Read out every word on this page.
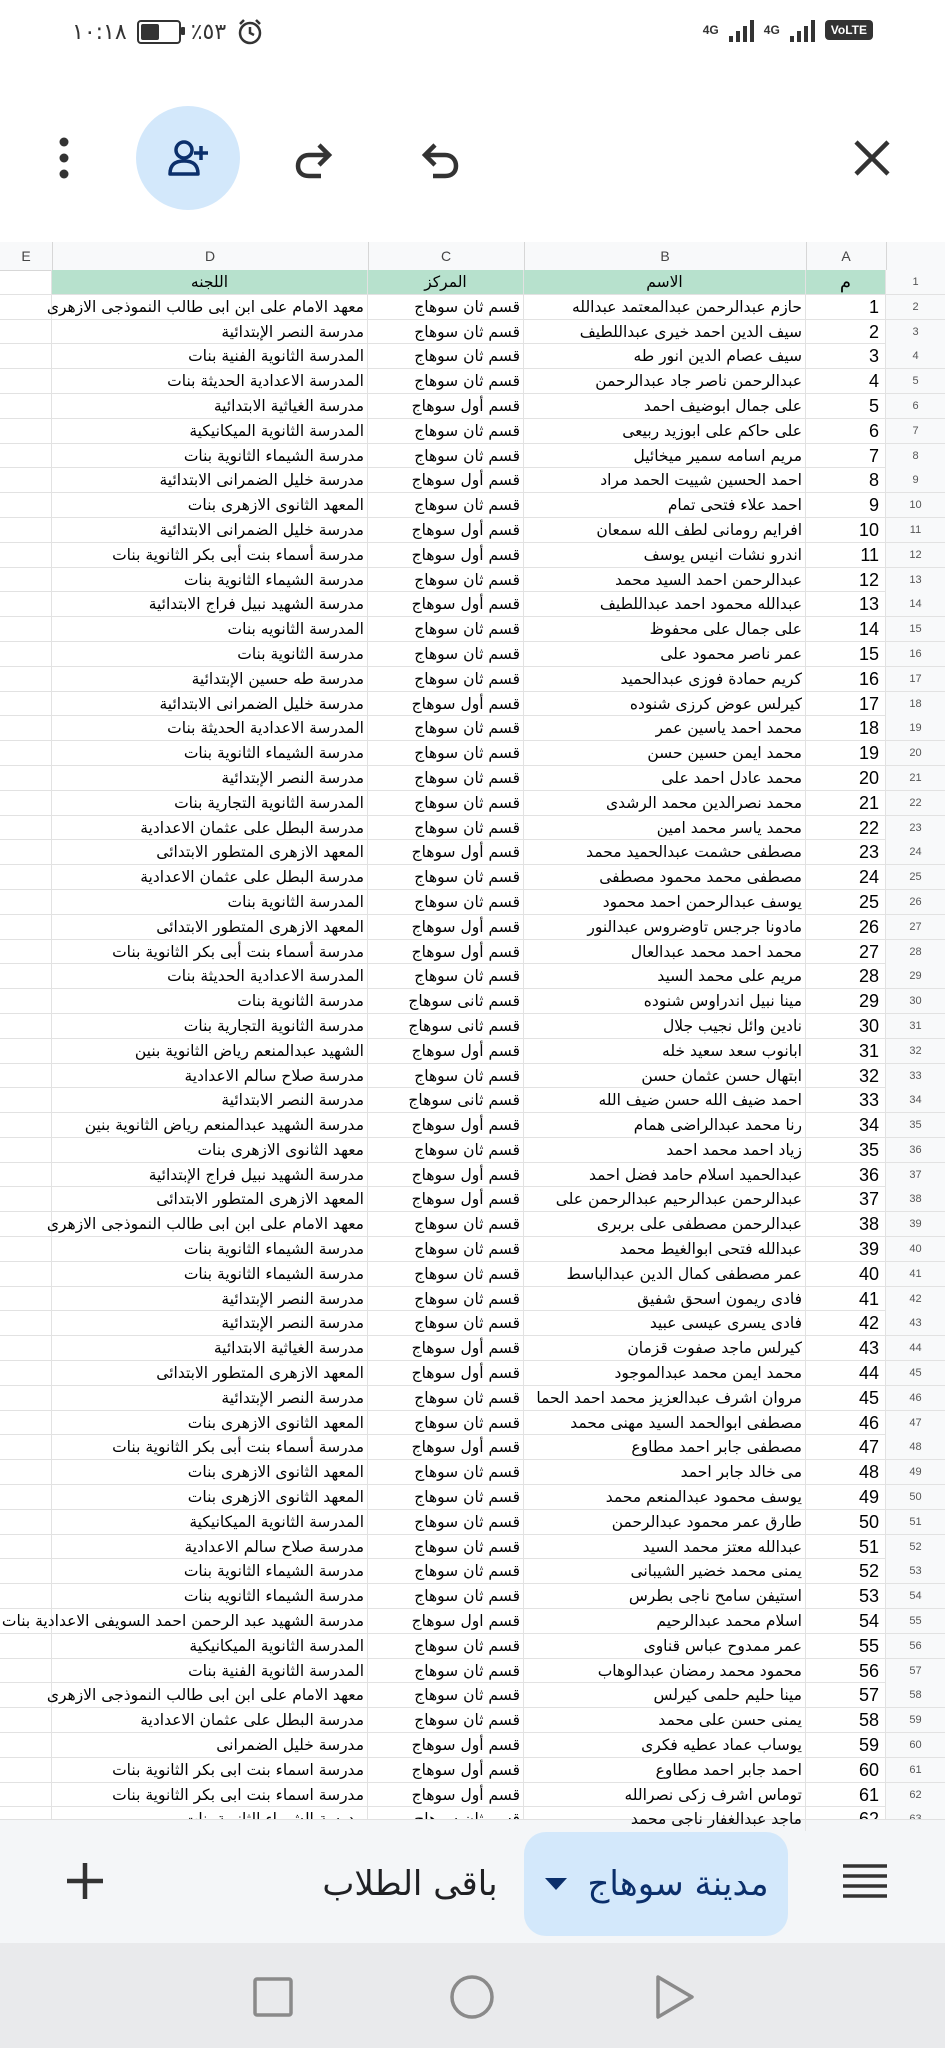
١٠:١٨	٪٥٣	4G	4G	VoLTE
E	D	C	B	A
اللجنه	المركز	الاسم	م	1
معهد الامام على ابن ابى طالب النموذجى الازهرى	قسم ثان سوهاج	حازم عبدالرحمن عبدالمعتمد عبدالله	1	2
مدرسة النصر الإبتدائية	قسم ثان سوهاج	سيف الدين احمد خيرى عبداللطيف	2	3
المدرسة الثانوية الفنية بنات	قسم ثان سوهاج	سيف عصام الدين انور طه	3	4
المدرسة الاعدادية الحديثة بنات	قسم ثان سوهاج	عبدالرحمن ناصر جاد عبدالرحمن	4	5
مدرسة الغياثية الابتدائية	قسم أول سوهاج	على جمال ابوضيف احمد	5	6
المدرسة الثانوية الميكانيكية	قسم ثان سوهاج	على حاكم على ابوزيد ربيعى	6	7
مدرسة الشيماء الثانوية بنات	قسم ثان سوهاج	مريم اسامه سمير ميخائيل	7	8
مدرسة خليل الضمرانى الابتدائية	قسم أول سوهاج	احمد الحسين شييت الحمد مراد	8	9
المعهد الثانوى الازهرى بنات	قسم ثان سوهاج	احمد علاء فتحى تمام	9	10
مدرسة خليل الضمرانى الابتدائية	قسم أول سوهاج	افرايم رومانى لطف الله سمعان	10	11
مدرسة أسماء بنت أبى بكر الثانوية بنات	قسم أول سوهاج	اندرو نشات انيس يوسف	11	12
مدرسة الشيماء الثانوية بنات	قسم ثان سوهاج	عبدالرحمن احمد السيد محمد	12	13
مدرسة الشهيد نبيل فراج الابتدائية	قسم أول سوهاج	عبدالله محمود احمد عبداللطيف	13	14
المدرسة الثانويه بنات	قسم ثان سوهاج	على جمال على محفوظ	14	15
مدرسة الثانوية بنات	قسم ثان سوهاج	عمر ناصر محمود على	15	16
مدرسة طه حسين الإبتدائية	قسم ثان سوهاج	كريم حمادة فوزى عبدالحميد	16	17
مدرسة خليل الضمرانى الابتدائية	قسم أول سوهاج	كيرلس عوض كرزى شنوده	17	18
المدرسة الاعدادية الحديثة بنات	قسم ثان سوهاج	محمد احمد ياسين عمر	18	19
مدرسة الشيماء الثانوية بنات	قسم ثان سوهاج	محمد ايمن حسين حسن	19	20
مدرسة النصر الإبتدائية	قسم ثان سوهاج	محمد عادل احمد على	20	21
المدرسة الثانوية التجارية بنات	قسم ثان سوهاج	محمد نصرالدين محمد الرشدى	21	22
مدرسة البطل على عثمان الاعدادية	قسم ثان سوهاج	محمد ياسر محمد امين	22	23
المعهد الازهرى المتطور الابتدائى	قسم أول سوهاج	مصطفى حشمت عبدالحميد محمد	23	24
مدرسة البطل على عثمان الاعدادية	قسم ثان سوهاج	مصطفى محمد محمود مصطفى	24	25
المدرسة الثانوية بنات	قسم ثان سوهاج	يوسف عبدالرحمن احمد محمود	25	26
المعهد الازهرى المتطور الابتدائى	قسم أول سوهاج	مادونا جرجس تاوضروس عبدالنور	26	27
مدرسة أسماء بنت أبى بكر الثانوية بنات	قسم أول سوهاج	محمد احمد محمد عبدالعال	27	28
المدرسة الاعدادية الحديثة بنات	قسم ثان سوهاج	مريم على محمد السيد	28	29
مدرسة الثانوية بنات	قسم ثانى سوهاج	مينا نبيل اندراوس شنوده	29	30
مدرسة الثانوية التجارية بنات	قسم ثانى سوهاج	نادين وائل نجيب جلال	30	31
الشهيد عبدالمنعم رياض الثانوية بنين	قسم أول سوهاج	ابانوب سعد سعيد خله	31	32
مدرسة صلاح سالم الاعدادية	قسم ثان سوهاج	ابتهال حسن عثمان حسن	32	33
مدرسة النصر الابتدائية	قسم ثانى سوهاج	احمد ضيف الله حسن ضيف الله	33	34
مدرسة الشهيد عبدالمنعم رياض الثانوية بنين	قسم أول سوهاج	رنا محمد عبدالراضى همام	34	35
معهد الثانوى الازهرى بنات	قسم ثان سوهاج	زياد احمد محمد احمد	35	36
مدرسة الشهيد نبيل فراج الإبتدائية	قسم أول سوهاج	عبدالحميد اسلام حامد فضل احمد	36	37
المعهد الازهرى المتطور الابتدائى	قسم أول سوهاج	عبدالرحمن عبدالرحيم عبدالرحمن على	37	38
معهد الامام على ابن ابى طالب النموذجى الازهرى	قسم ثان سوهاج	عبدالرحمن مصطفى على بربرى	38	39
مدرسة الشيماء الثانوية بنات	قسم ثان سوهاج	عبدالله فتحى ابوالغيط محمد	39	40
مدرسة الشيماء الثانوية بنات	قسم ثان سوهاج	عمر مصطفى كمال الدين عبدالباسط	40	41
مدرسة النصر الإبتدائية	قسم ثان سوهاج	فادى ريمون اسحق شفيق	41	42
مدرسة النصر الإبتدائية	قسم ثان سوهاج	فادى يسرى عيسى عبيد	42	43
مدرسة الغياثية الابتدائية	قسم أول سوهاج	كيرلس ماجد صفوت قزمان	43	44
المعهد الازهرى المتطور الابتدائى	قسم أول سوهاج	محمد ايمن محمد عبدالموجود	44	45
مدرسة النصر الإبتدائية	قسم ثان سوهاج	مروان اشرف عبدالعزيز محمد احمد الحما	45	46
المعهد الثانوى الازهرى بنات	قسم ثان سوهاج	مصطفى ابوالحمد السيد مهنى محمد	46	47
مدرسة أسماء بنت أبى بكر الثانوية بنات	قسم أول سوهاج	مصطفى جابر احمد مطاوع	47	48
المعهد الثانوى الازهرى بنات	قسم ثان سوهاج	مى خالد جابر احمد	48	49
المعهد الثانوى الازهرى بنات	قسم ثان سوهاج	يوسف محمود عبدالمنعم محمد	49	50
المدرسة الثانوية الميكانيكية	قسم ثان سوهاج	طارق عمر محمود عبدالرحمن	50	51
مدرسة صلاح سالم الاعدادية	قسم ثان سوهاج	عبدالله معتز محمد السيد	51	52
مدرسة الشيماء الثانوية بنات	قسم ثان سوهاج	يمنى محمد خضير الشيبانى	52	53
مدرسة الشيماء الثانويه بنات	قسم ثان سوهاج	استيفن سامح ناجى بطرس	53	54
مدرسة الشهيد عبد الرحمن احمد السويفى الاعدادية بنات	قسم اول سوهاج	اسلام محمد عبدالرحيم	54	55
المدرسة الثانوية الميكانيكية	قسم ثان سوهاج	عمر ممدوح عباس قناوى	55	56
المدرسة الثانوية الفنية بنات	قسم ثان سوهاج	محمود محمد رمضان عبدالوهاب	56	57
معهد الامام على ابن ابى طالب النموذجى الازهرى	قسم ثان سوهاج	مينا حليم حلمى كيرلس	57	58
مدرسة البطل على عثمان الاعدادية	قسم ثان سوهاج	يمنى حسن على محمد	58	59
مدرسة خليل الضمرانى	قسم أول سوهاج	يوساب عماد عطيه فكرى	59	60
مدرسة اسماء بنت ابى بكر الثانوية بنات	قسم أول سوهاج	احمد جابر احمد مطاوع	60	61
مدرسة اسماء بنت ابى بكر الثانوية بنات	قسم أول سوهاج	توماس اشرف زكى نصرالله	61	62
ماجد عبدالغفار ناجى محمد
باقى الطلاب	مدينة سوهاج
